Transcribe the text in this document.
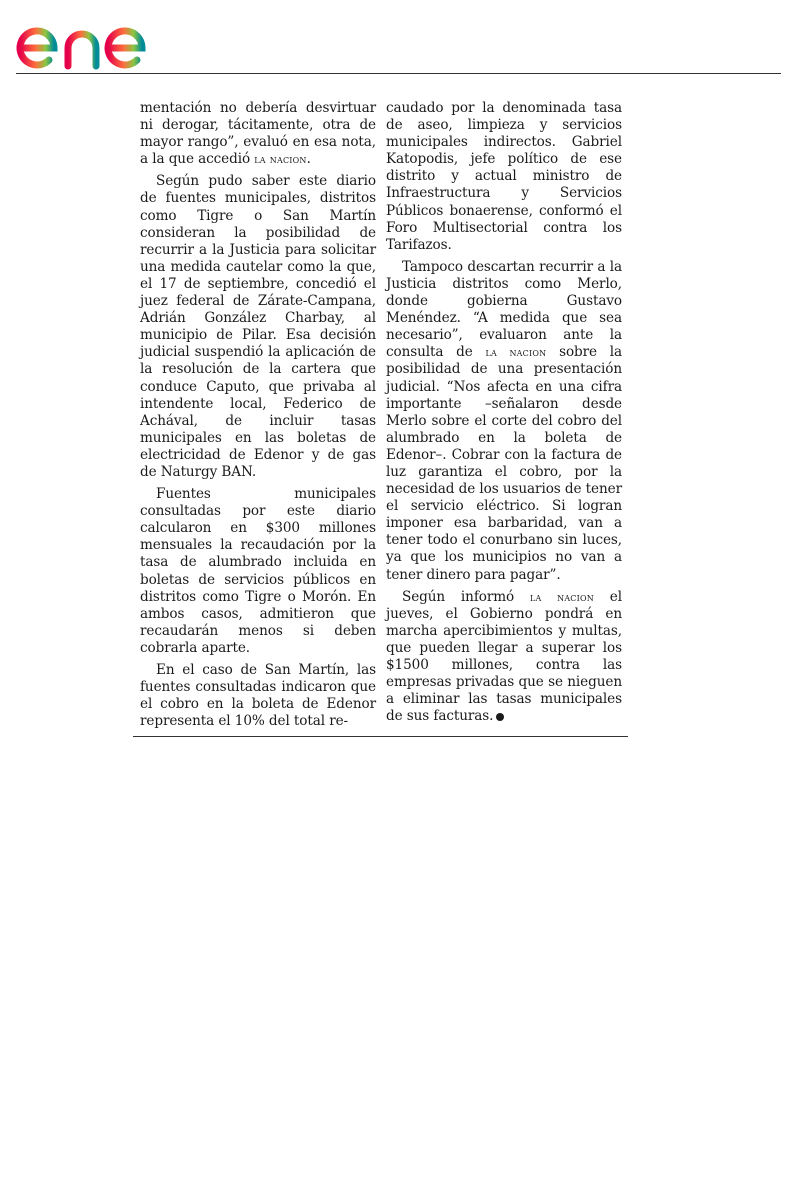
mentación no debería desvirtuar ni derogar, tácitamente, otra de mayor rango”, evaluó en esa nota, a la que accedió la nacion.

Según pudo saber este diario de fuentes municipales, distritos como Tigre o San Martín consideran la posibilidad de recurrir a la Justicia para solicitar una medida cautelar como la que, el 17 de septiembre, concedió el juez federal de Zárate-Campana, Adrián González Charbay, al municipio de Pilar. Esa decisión judicial suspendió la aplicación de la resolución de la cartera que conduce Caputo, que privaba al intendente local, Federico de Achával, de incluir tasas municipales en las boletas de electricidad de Edenor y de gas de Naturgy BAN.

Fuentes municipales consultadas por este diario calcularon en $300 millones mensuales la recaudación por la tasa de alumbrado incluida en boletas de servicios públicos en distritos como Tigre o Morón. En ambos casos, admitieron que recaudarán menos si deben cobrarla aparte.

En el caso de San Martín, las fuentes consultadas indicaron que el cobro en la boleta de Edenor representa el 10% del total re-

caudado por la denominada tasa de aseo, limpieza y servicios municipales indirectos. Gabriel Katopodis, jefe político de ese distrito y actual ministro de Infraestructura y Servicios Públicos bonaerense, conformó el Foro Multisectorial contra los Tarifazos.

Tampoco descartan recurrir a la Justicia distritos como Merlo, donde gobierna Gustavo Menéndez. “A medida que sea necesario”, evaluaron ante la consulta de la nacion sobre la posibilidad de una presentación judicial. “Nos afecta en una cifra importante –señalaron desde Merlo sobre el corte del cobro del alumbrado en la boleta de Edenor–. Cobrar con la factura de luz garantiza el cobro, por la necesidad de los usuarios de tener el servicio eléctrico. Si logran imponer esa barbaridad, van a tener todo el conurbano sin luces, ya que los municipios no van a tener dinero para pagar”.

Según informó la nacion el jueves, el Gobierno pondrá en marcha apercibimientos y multas, que pueden llegar a superar los $1500 millones, contra las empresas privadas que se nieguen a eliminar las tasas municipales de sus facturas.
